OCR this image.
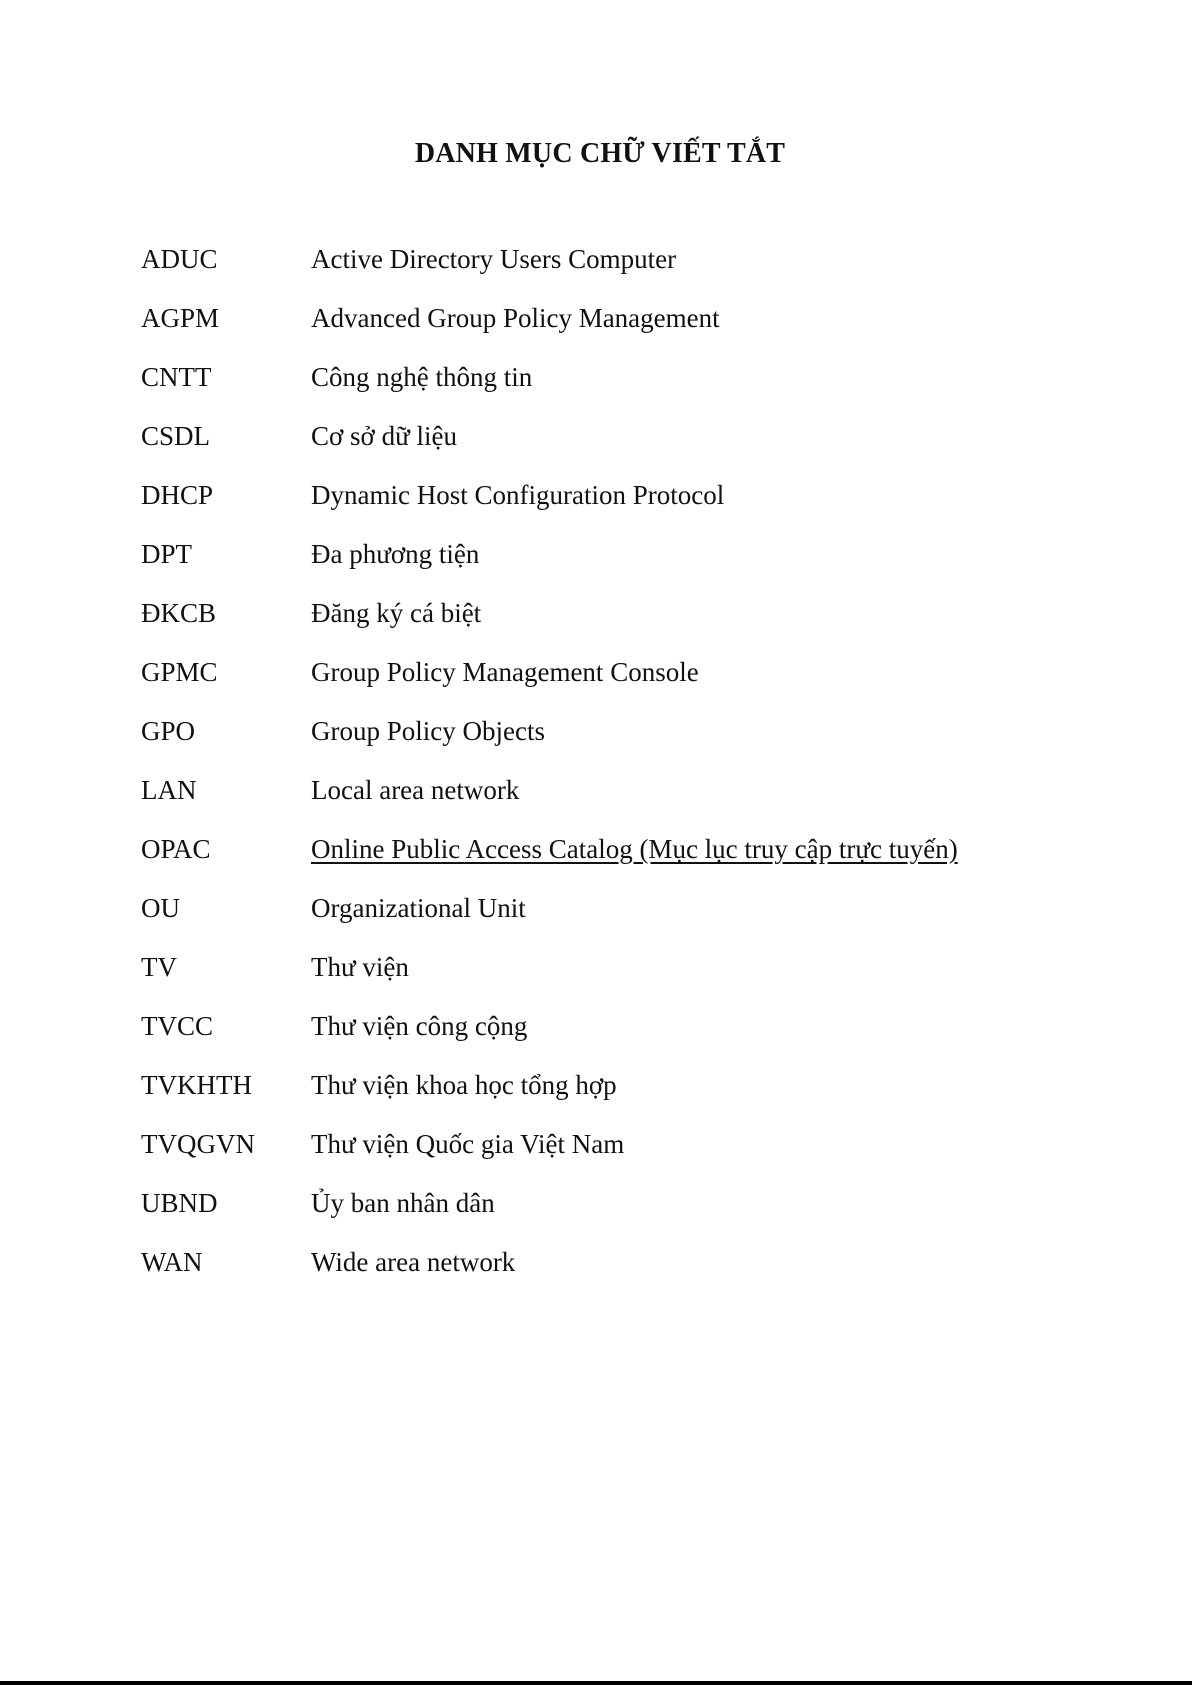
DANH MỤC CHỮ VIẾT TẮT
ADUC	Active Directory Users Computer
AGPM	Advanced Group Policy Management
CNTT	Công nghệ thông tin
CSDL	Cơ sở dữ liệu
DHCP	Dynamic Host Configuration Protocol
DPT	Đa phương tiện
ĐKCB	Đăng ký cá biệt
GPMC	Group Policy Management Console
GPO	Group Policy Objects
LAN	Local area network
OPAC	Online Public Access Catalog (Mục lục truy cập trực tuyến)
OU	Organizational Unit
TV	Thư viện
TVCC	Thư viện công cộng
TVKHTH	Thư viện khoa học tổng hợp
TVQGVN	Thư viện Quốc gia Việt Nam
UBND	Ủy ban nhân dân
WAN	Wide area network
